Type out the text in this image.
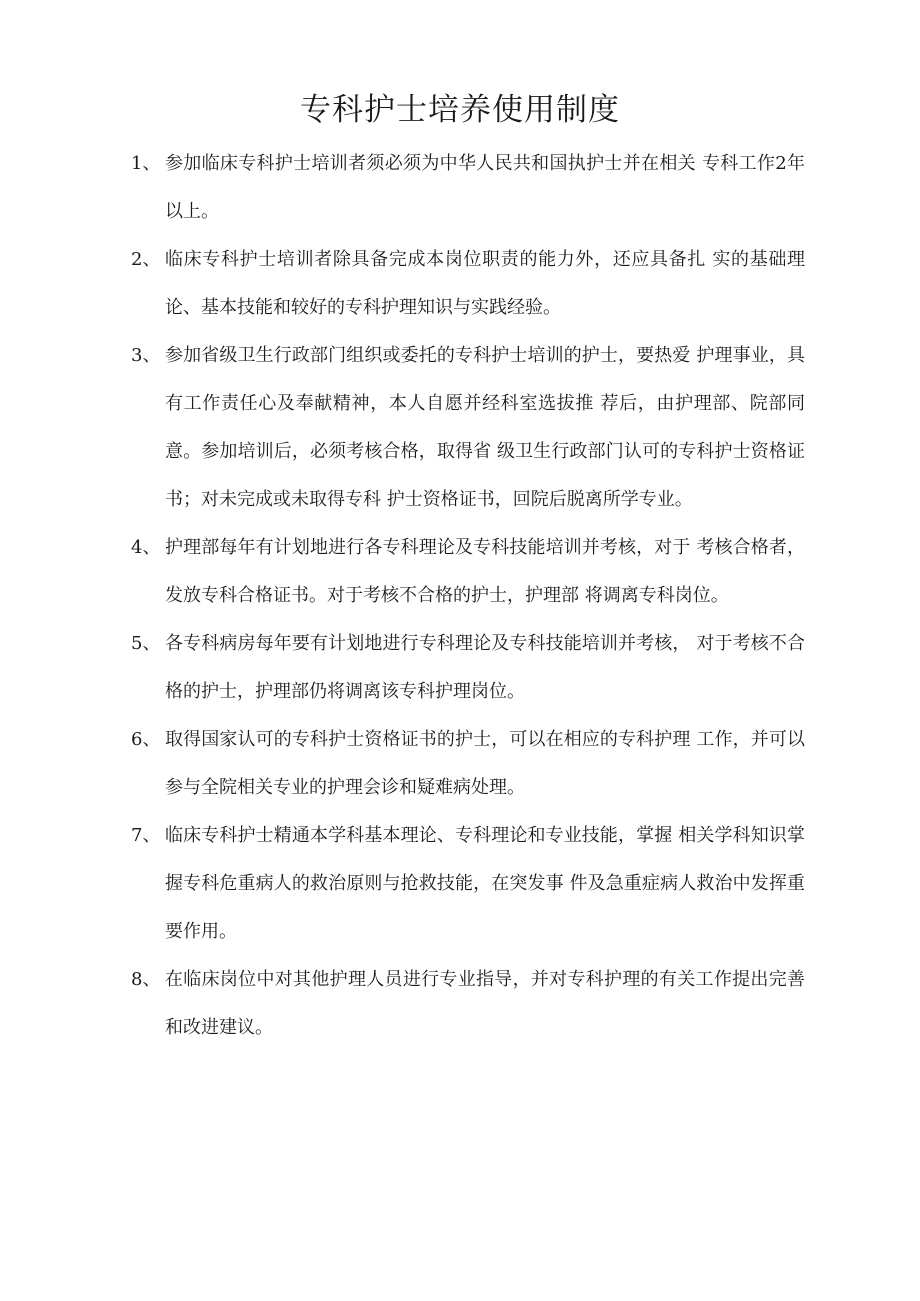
专科护士培养使用制度
1、 参加临床专科护士培训者须必须为中华人民共和国执护士并在相关 专科工作2年以上。
2、 临床专科护士培训者除具备完成本岗位职责的能力外，还应具备扎 实的基础理论、基本技能和较好的专科护理知识与实践经验。
3、 参加省级卫生行政部门组织或委托的专科护士培训的护士，要热爱 护理事业，具有工作责任心及奉献精神，本人自愿并经科室选拔推 荐后，由护理部、院部同意。参加培训后，必须考核合格，取得省 级卫生行政部门认可的专科护士资格证书；对未完成或未取得专科 护士资格证书，回院后脱离所学专业。
4、 护理部每年有计划地进行各专科理论及专科技能培训并考核，对于 考核合格者，发放专科合格证书。对于考核不合格的护士，护理部 将调离专科岗位。
5、 各专科病房每年要有计划地进行专科理论及专科技能培训并考核， 对于考核不合格的护士，护理部仍将调离该专科护理岗位。
6、 取得国家认可的专科护士资格证书的护士，可以在相应的专科护理 工作，并可以参与全院相关专业的护理会诊和疑难病处理。
7、 临床专科护士精通本学科基本理论、专科理论和专业技能，掌握 相关学科知识掌握专科危重病人的救治原则与抢救技能，在突发事 件及急重症病人救治中发挥重要作用。
8、 在临床岗位中对其他护理人员进行专业指导，并对专科护理的有关工作提出完善和改进建议。
